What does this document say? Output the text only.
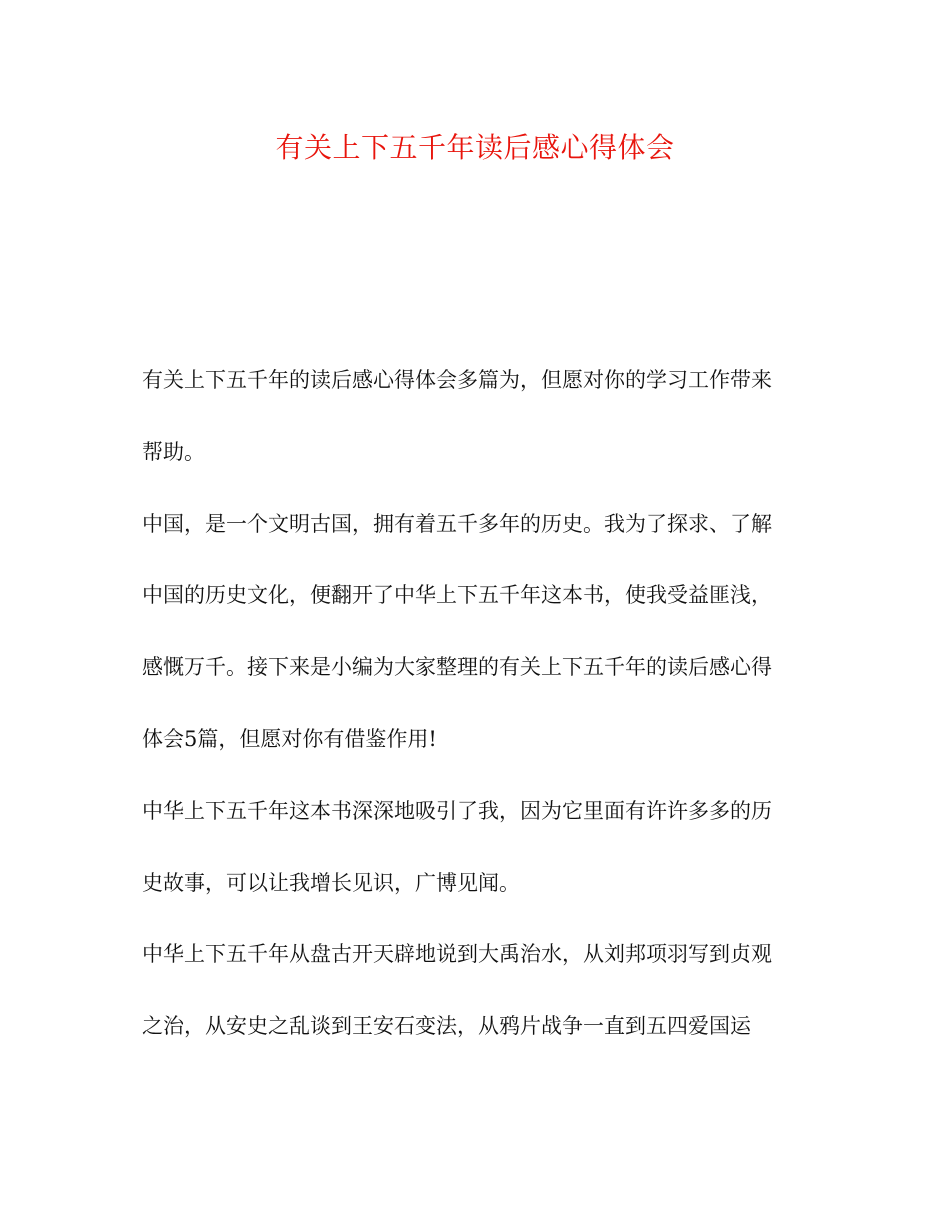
有关上下五千年读后感心得体会
有关上下五千年的读后感心得体会多篇为，但愿对你的学习工作带来
帮助。
中国，是一个文明古国，拥有着五千多年的历史。我为了探求、了解
中国的历史文化，便翻开了中华上下五千年这本书，使我受益匪浅，
感慨万千。接下来是小编为大家整理的有关上下五千年的读后感心得
体会5篇，但愿对你有借鉴作用!
中华上下五千年这本书深深地吸引了我，因为它里面有许许多多的历
史故事，可以让我增长见识，广博见闻。
中华上下五千年从盘古开天辟地说到大禹治水，从刘邦项羽写到贞观
之治，从安史之乱谈到王安石变法，从鸦片战争一直到五四爱国运
